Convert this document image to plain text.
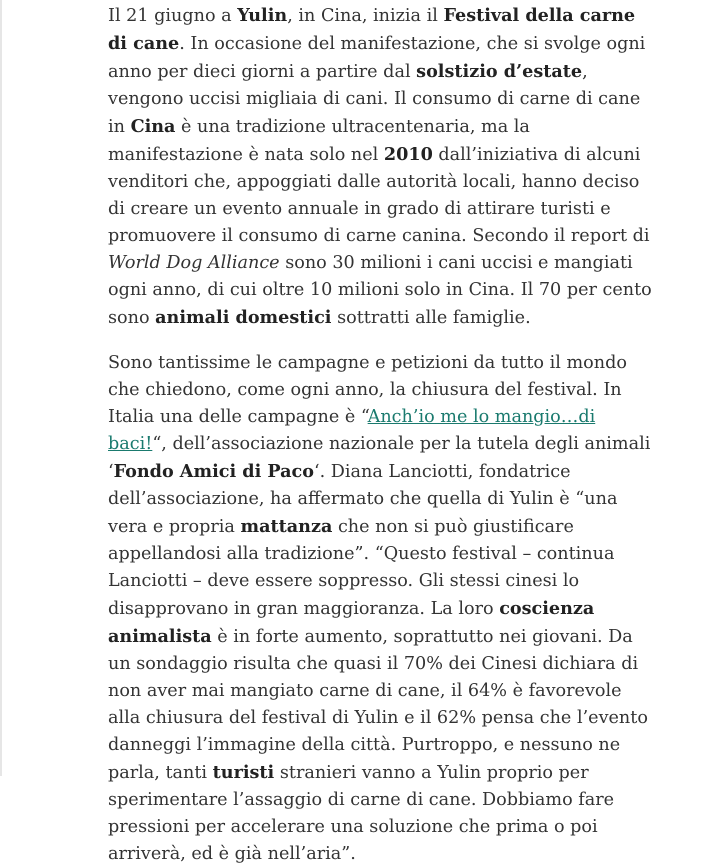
Il 21 giugno a Yulin, in Cina, inizia il Festival della carne di cane. In occasione del manifestazione, che si svolge ogni anno per dieci giorni a partire dal solstizio d’estate, vengono uccisi migliaia di cani. Il consumo di carne di cane in Cina è una tradizione ultracentenaria, ma la manifestazione è nata solo nel 2010 dall’iniziativa di alcuni venditori che, appoggiati dalle autorità locali, hanno deciso di creare un evento annuale in grado di attirare turisti e promuovere il consumo di carne canina. Secondo il report di World Dog Alliance sono 30 milioni i cani uccisi e mangiati ogni anno, di cui oltre 10 milioni solo in Cina. Il 70 per cento sono animali domestici sottratti alle famiglie.

Sono tantissime le campagne e petizioni da tutto il mondo che chiedono, come ogni anno, la chiusura del festival. In Italia una delle campagne è “Anch’io me lo mangio…di baci!“, dell’associazione nazionale per la tutela degli animali ‘Fondo Amici di Paco‘. Diana Lanciotti, fondatrice dell’associazione, ha affermato che quella di Yulin è “una vera e propria mattanza che non si può giustificare appellandosi alla tradizione”. “Questo festival – continua Lanciotti – deve essere soppresso. Gli stessi cinesi lo disapprovano in gran maggioranza. La loro coscienza animalista è in forte aumento, soprattutto nei giovani. Da un sondaggio risulta che quasi il 70% dei Cinesi dichiara di non aver mai mangiato carne di cane, il 64% è favorevole alla chiusura del festival di Yulin e il 62% pensa che l’evento danneggi l’immagine della città. Purtroppo, e nessuno ne parla, tanti turisti stranieri vanno a Yulin proprio per sperimentare l’assaggio di carne di cane. Dobbiamo fare pressioni per accelerare una soluzione che prima o poi arriverà, ed è già nell’aria”.
